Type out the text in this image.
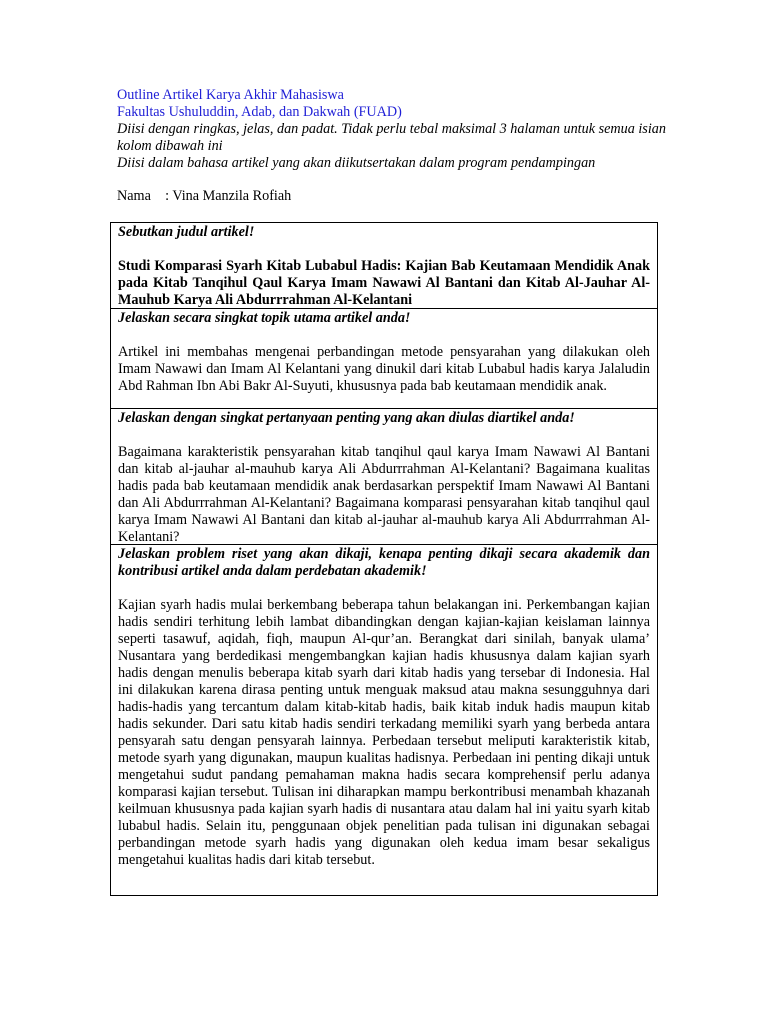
Outline Artikel Karya Akhir Mahasiswa
Fakultas Ushuluddin, Adab, dan Dakwah (FUAD)
Diisi dengan ringkas, jelas, dan padat. Tidak perlu tebal maksimal 3 halaman untuk semua isian kolom dibawah ini
Diisi dalam bahasa artikel yang akan diikutsertakan dalam program pendampingan
Nama : Vina Manzila Rofiah

Sebutkan judul artikel!

Studi Komparasi Syarh Kitab Lubabul Hadis: Kajian Bab Keutamaan Mendidik Anak pada Kitab Tanqihul Qaul Karya Imam Nawawi Al Bantani dan Kitab Al-Jauhar Al-Mauhub Karya Ali Abdurrrahman Al-Kelantani

Jelaskan secara singkat topik utama artikel anda!

Artikel ini membahas mengenai perbandingan metode pensyarahan yang dilakukan oleh Imam Nawawi dan Imam Al Kelantani yang dinukil dari kitab Lubabul hadis karya Jalaludin Abd Rahman Ibn Abi Bakr Al-Suyuti, khususnya pada bab keutamaan mendidik anak.

Jelaskan dengan singkat pertanyaan penting yang akan diulas diartikel anda!

Bagaimana karakteristik pensyarahan kitab tanqihul qaul karya Imam Nawawi Al Bantani dan kitab al-jauhar al-mauhub karya Ali Abdurrrahman Al-Kelantani? Bagaimana kualitas hadis pada bab keutamaan mendidik anak berdasarkan perspektif Imam Nawawi Al Bantani dan Ali Abdurrrahman Al-Kelantani? Bagaimana komparasi pensyarahan kitab tanqihul qaul karya Imam Nawawi Al Bantani dan kitab al-jauhar al-mauhub karya Ali Abdurrrahman Al-Kelantani?

Jelaskan problem riset yang akan dikaji, kenapa penting dikaji secara akademik dan kontribusi artikel anda dalam perdebatan akademik!

Kajian syarh hadis mulai berkembang beberapa tahun belakangan ini. Perkembangan kajian hadis sendiri terhitung lebih lambat dibandingkan dengan kajian-kajian keislaman lainnya seperti tasawuf, aqidah, fiqh, maupun Al-qur’an. Berangkat dari sinilah, banyak ulama’ Nusantara yang berdedikasi mengembangkan kajian hadis khususnya dalam kajian syarh hadis dengan menulis beberapa kitab syarh dari kitab hadis yang tersebar di Indonesia. Hal ini dilakukan karena dirasa penting untuk menguak maksud atau makna sesungguhnya dari hadis-hadis yang tercantum dalam kitab-kitab hadis, baik kitab induk hadis maupun kitab hadis sekunder. Dari satu kitab hadis sendiri terkadang memiliki syarh yang berbeda antara pensyarah satu dengan pensyarah lainnya. Perbedaan tersebut meliputi karakteristik kitab, metode syarh yang digunakan, maupun kualitas hadisnya. Perbedaan ini penting dikaji untuk mengetahui sudut pandang pemahaman makna hadis secara komprehensif perlu adanya komparasi kajian tersebut. Tulisan ini diharapkan mampu berkontribusi menambah khazanah keilmuan khususnya pada kajian syarh hadis di nusantara atau dalam hal ini yaitu syarh kitab lubabul hadis. Selain itu, penggunaan objek penelitian pada tulisan ini digunakan sebagai perbandingan metode syarh hadis yang digunakan oleh kedua imam besar sekaligus mengetahui kualitas hadis dari kitab tersebut.
